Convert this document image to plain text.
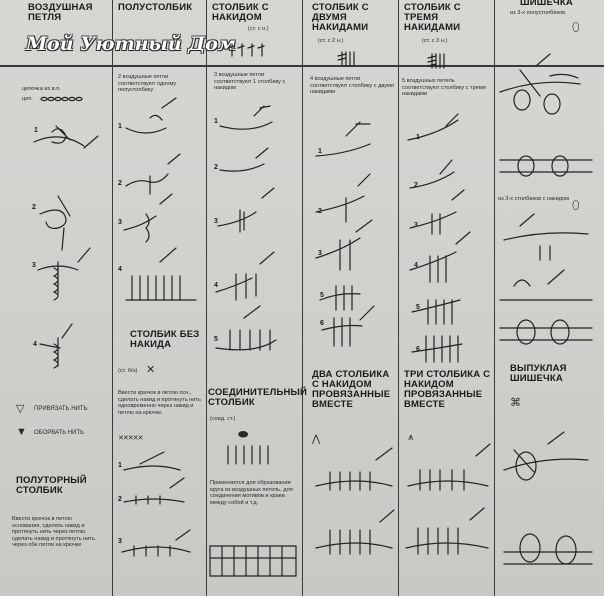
Мой Уютный Дом
ВОЗДУШНАЯ ПЕТЛЯ
цепочка из в.п.
цеп.
1
2
3
4
▽ ПРИВЯЗАТЬ НИТЬ
▼ ОБОРВАТЬ НИТЬ
ПОЛУТОРНЫЙ СТОЛБИК
Ввести крючок в петлю основания, сделать накид и протянуть нить через петлю, сделать накид и протянуть нить через обе петли на крючке
ПОЛУСТОЛБИК
2 воздушные петли соответствуют одному полустолбику
СТОЛБИК БЕЗ НАКИДА
(ст. б/н) ✕
Ввести крючок в петлю осн., сделать накид и протянуть нить одновременно через накид и петлю на крючке.
✕✕✕✕✕
1
2
3
4
1
2
3
СТОЛБИК С НАКИДОМ
(ст. с н.)
3 воздушные петли соответствуют 1 столбику с накидом
СОЕДИНИТЕЛЬНЫЙ СТОЛБИК
(соед. ст.)
⬬
Применяется для образования круга из воздушных петель, для соединения мотивов и краев между собой и т.д.
1
2
3
4
5
СТОЛБИК С ДВУМЯ НАКИДАМИ
(ст. с 2 н.)
4 воздушные петли соответствуют столбику с двумя накидами
ДВА СТОЛБИКА С НАКИДОМ ПРОВЯЗАННЫЕ ВМЕСТЕ
⋀
1
2
3
5
6
СТОЛБИК С ТРЕМЯ НАКИДАМИ
(ст. с 3 н.)
5 воздушных петель соответствуют столбику с тремя накидами
ТРИ СТОЛБИКА С НАКИДОМ ПРОВЯЗАННЫЕ ВМЕСТЕ
⩚
1
2
3
4
5
6
ШИШЕЧКА
из 3-х полустолбиков
⬯
из 3-х столбиков с накидом ⬯
ВЫПУКЛАЯ ШИШЕЧКА
⌘
